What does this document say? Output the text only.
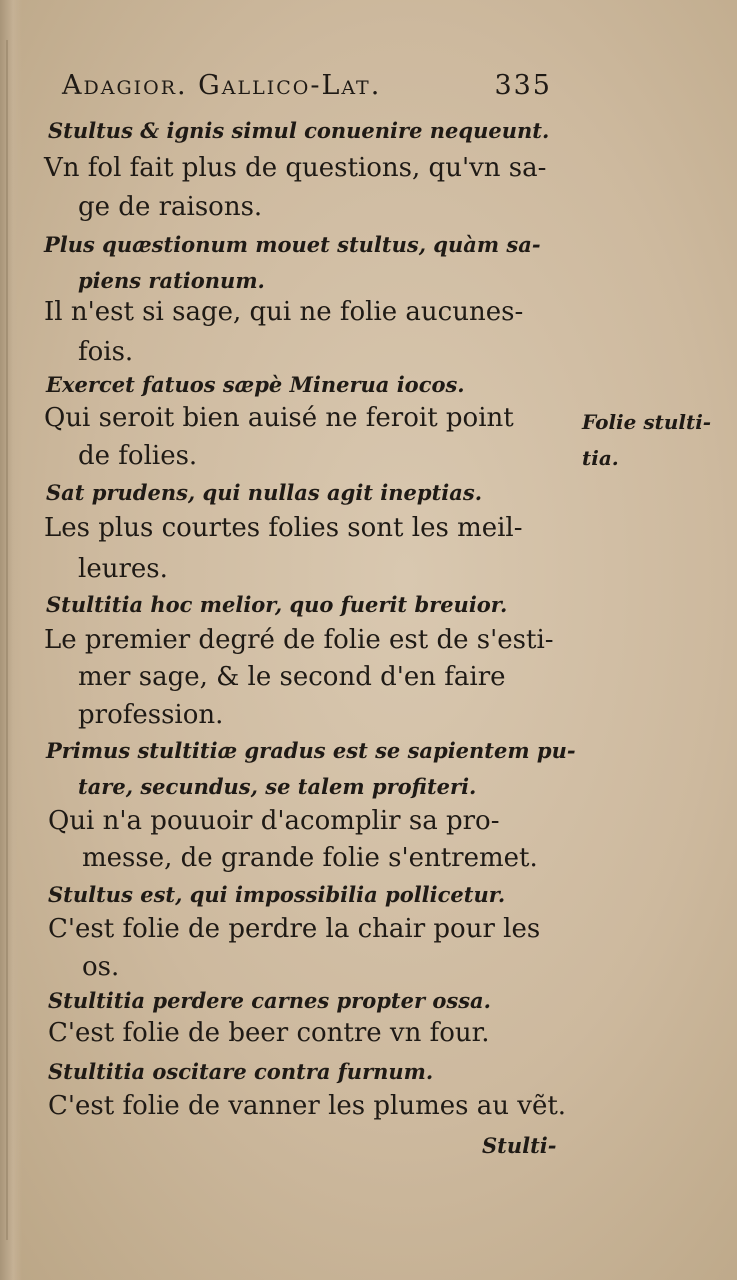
Adagior. Gallico-Lat.	335

Stultus & ignis simul conuenire nequeunt.

Vn fol fait plus de questions, qu'vn sa-

ge de raisons.

Plus quæstionum mouet stultus, quàm sa-

piens rationum.

Il n'est si sage, qui ne folie aucunes-

fois.

Exercet fatuos sæpè Minerua iocos.

Qui seroit bien auisé ne feroit point

de folies.

Sat prudens, qui nullas agit ineptias.

Les plus courtes folies sont les meil-

leures.

Stultitia hoc melior, quo fuerit breuior.

Le premier degré de folie est de s'esti-

mer sage, & le second d'en faire

profession.

Primus stultitiæ gradus est se sapientem pu-

tare, secundus, se talem profiteri.

Qui n'a pouuoir d'acomplir sa pro-

messe, de grande folie s'entremet.

Stultus est, qui impossibilia pollicetur.

C'est folie de perdre la chair pour les

os.

Stultitia perdere carnes propter ossa.

C'est folie de beer contre vn four.

Stultitia oscitare contra furnum.

C'est folie de vanner les plumes au vẽt.

Folie stulti-
tia.
Stulti-
